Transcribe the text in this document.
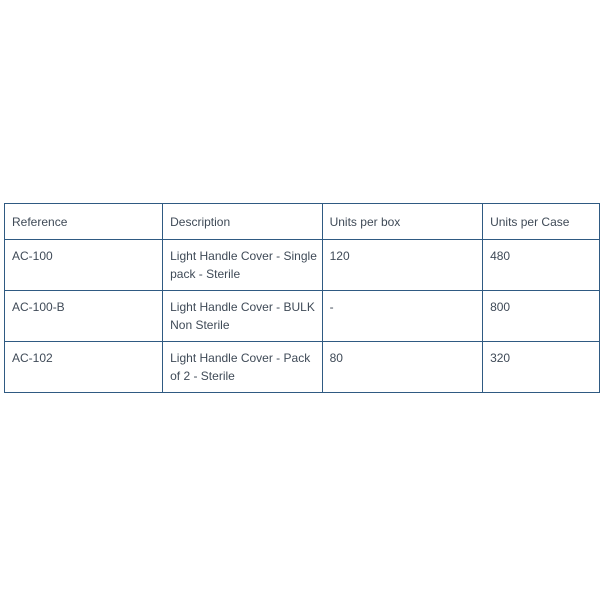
Reference	Description	Units per box	Units per Case

AC-100	Light Handle Cover - Single pack - Sterile	120	480

AC-100-B	Light Handle Cover - BULK Non Sterile	-	800

AC-102	Light Handle Cover - Pack of 2 - Sterile	80	320
